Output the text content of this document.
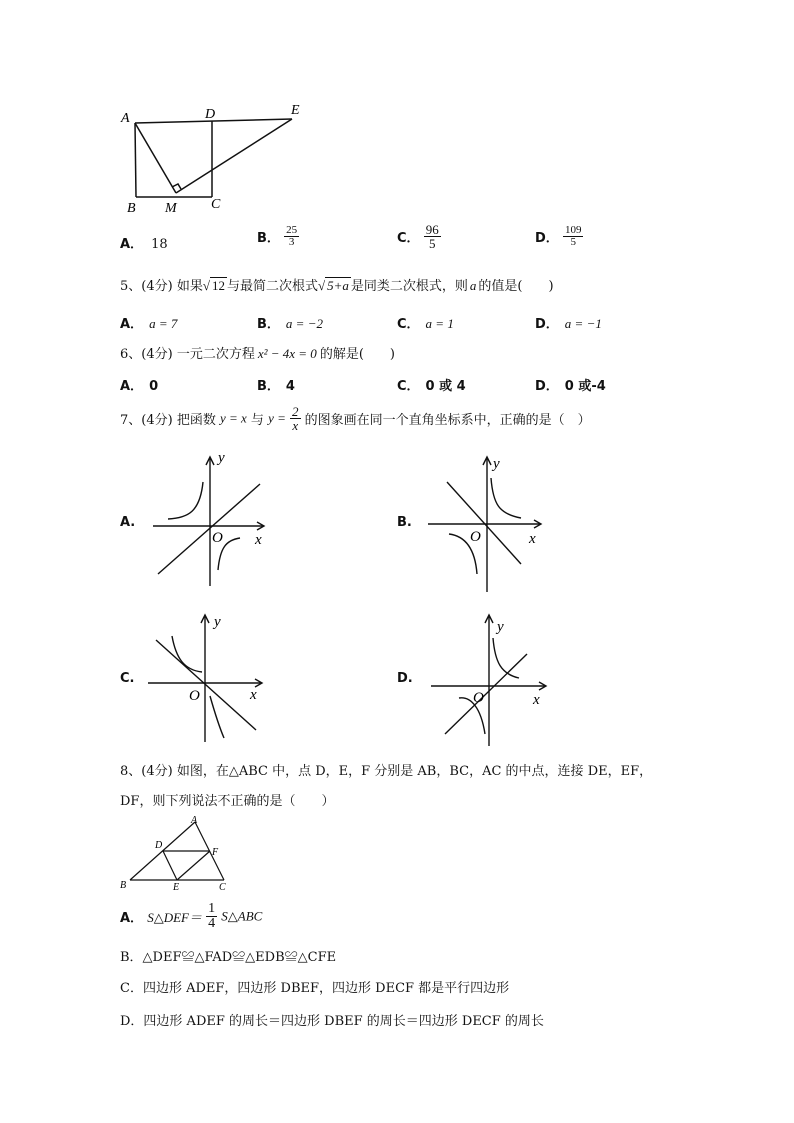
A	D	E
B M C
A． 18	B． $\frac{25}{3}$	C． $\frac{96}{5}$	D． $\frac{109}{5}$
5、(4分) 如果√ 12 与最简二次根式√ 5+a 是同类二次根式，则 a 的值是(　　)
A． a = 7	B． a = −2	C． a = 1	D． a = −1
6、(4分) 一元二次方程 x² − 4x = 0 的解是(　　)
A． 0	B． 4	C． 0 或 4	D． 0 或-4
7、(4分) 把函数 y = x 与 $y = \frac{2}{x}$ 的图象画在同一个直角坐标系中，正确的是（　）
A.
y
x
O
B.
y
x
O
C.
y
x
O
D.
y
x
O
8、(4分) 如图，在△ABC 中，点 D，E，F 分别是 AB，BC，AC 的中点，连接 DE，EF，
DF，则下列说法不正确的是（　　）
A
D
F
B	E	C
A． S△DEF＝ $\frac{1}{4}$ S△ABC
B．△DEF≌△FAD≌△EDB≌△CFE
C．四边形 ADEF，四边形 DBEF，四边形 DECF 都是平行四边形
D．四边形 ADEF 的周长＝四边形 DBEF 的周长＝四边形 DECF 的周长
